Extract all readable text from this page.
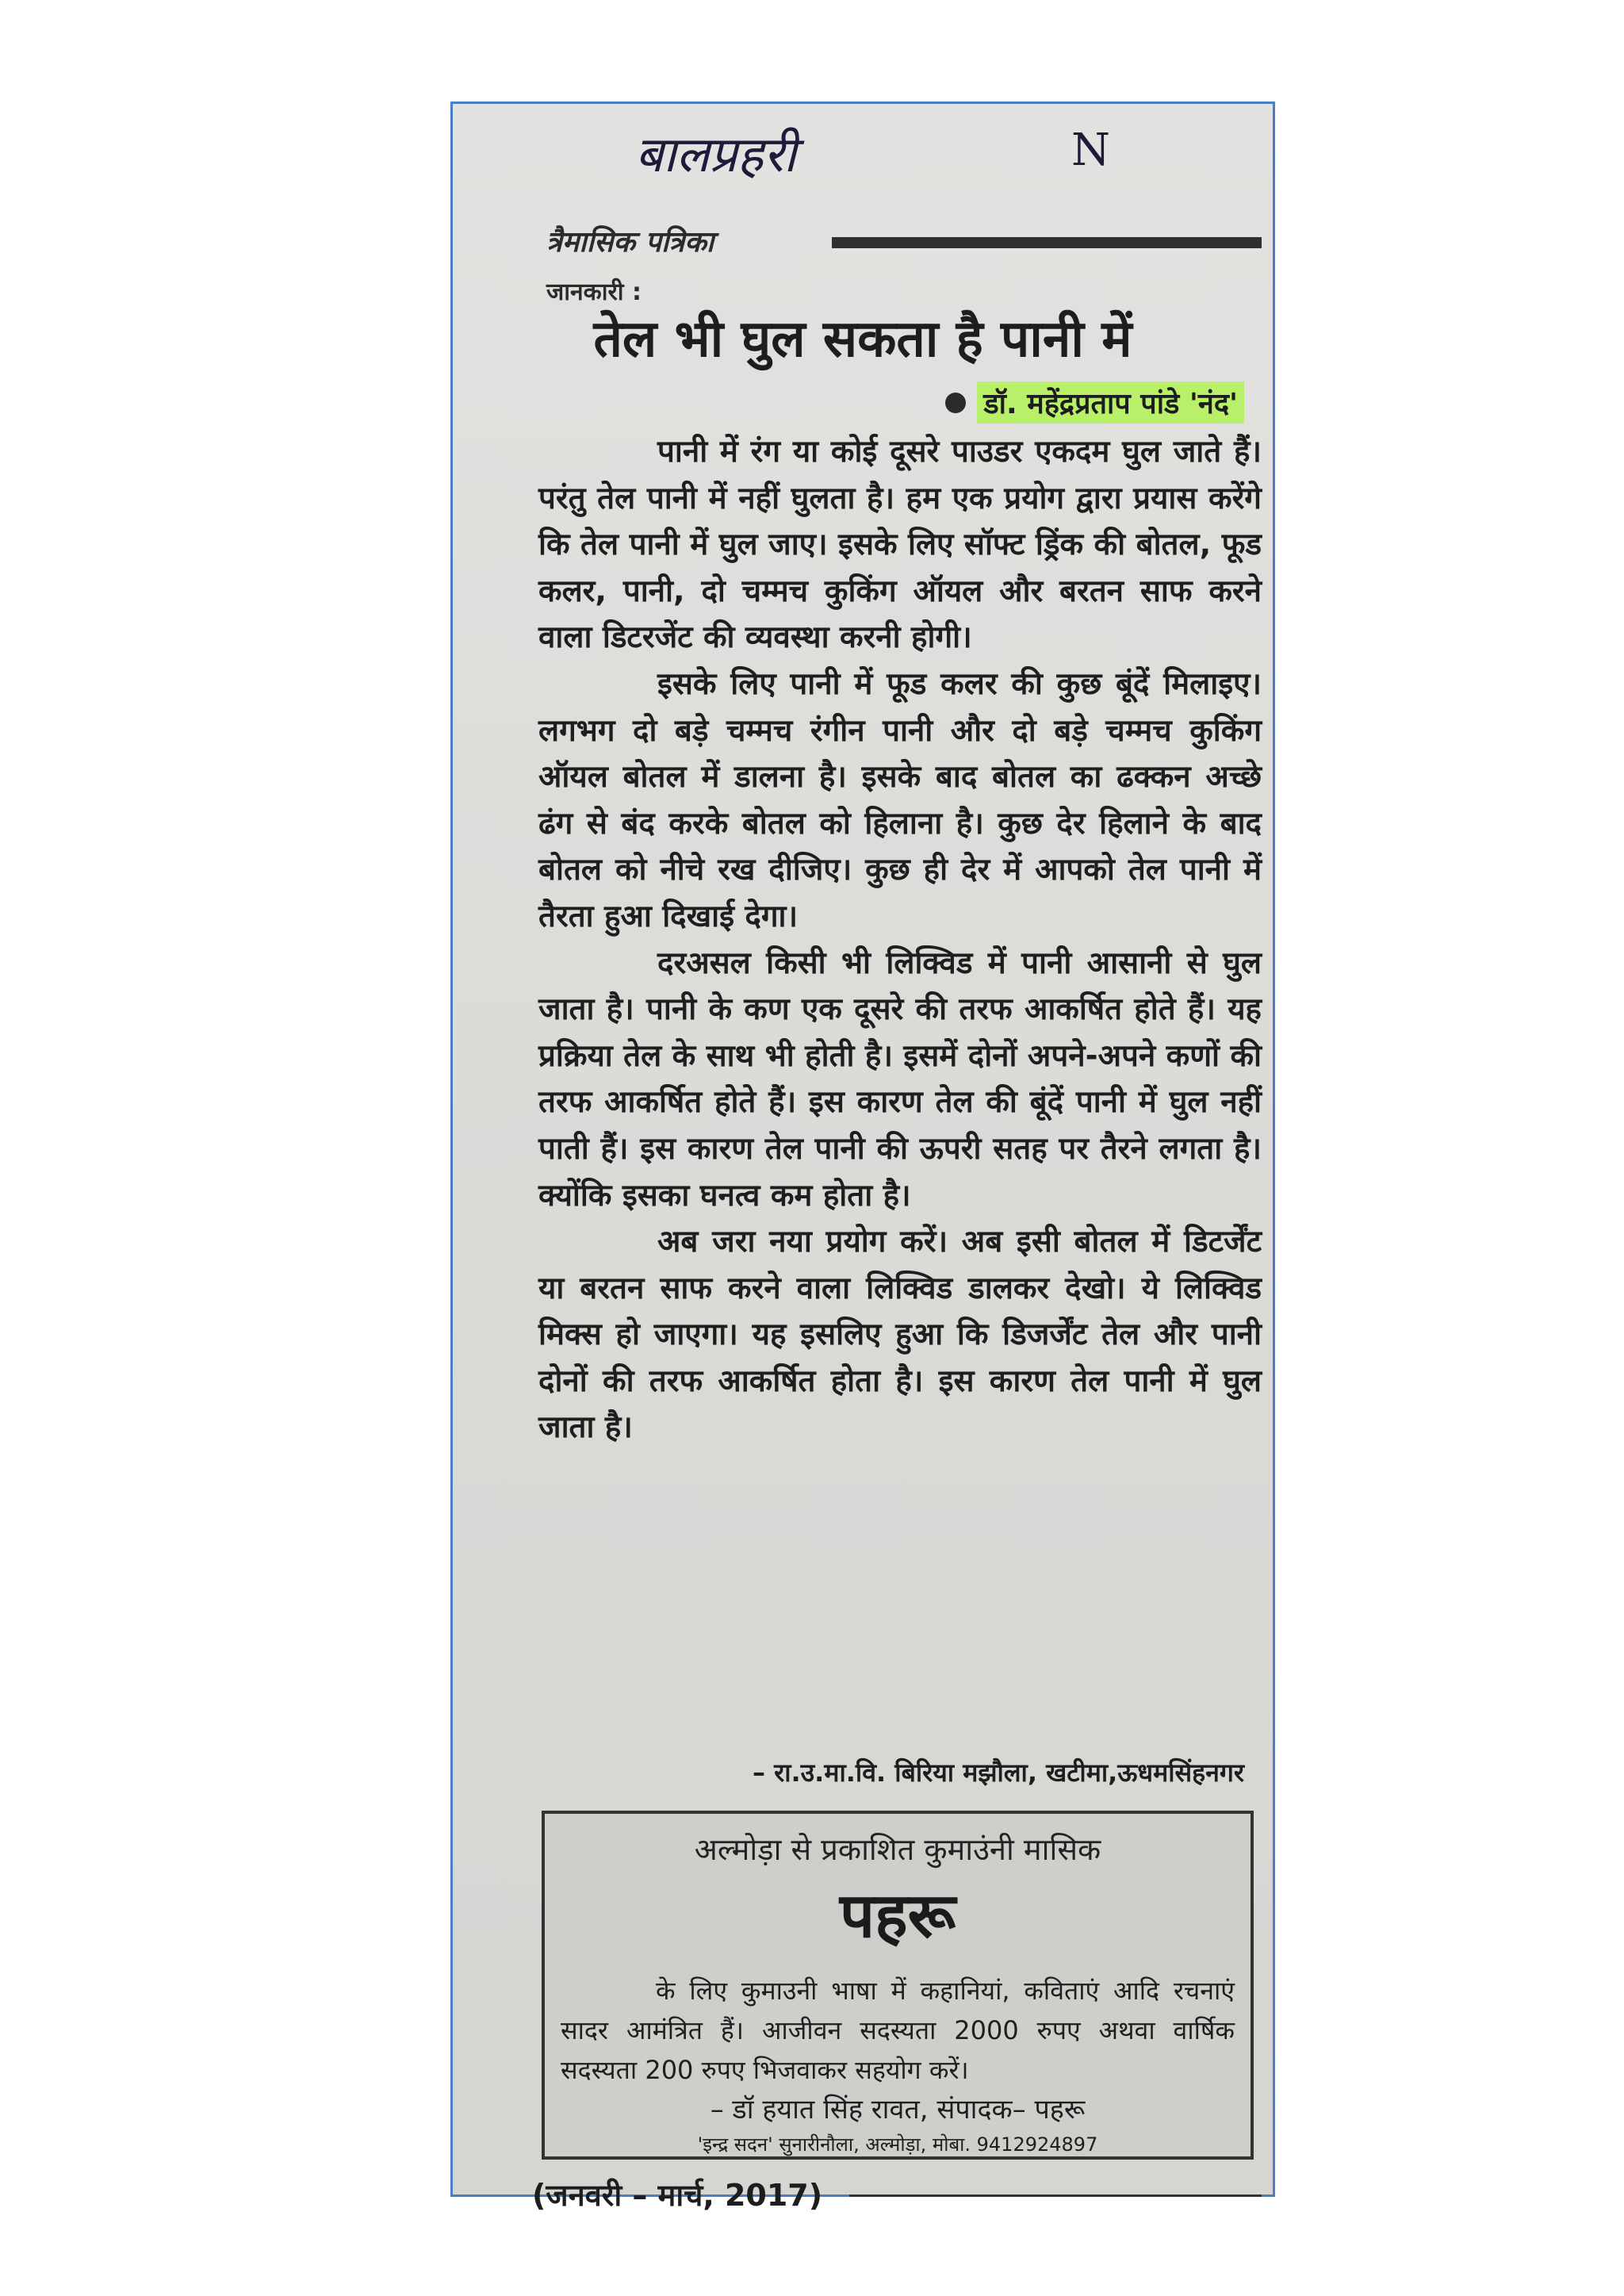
बालप्रहरी	N
त्रैमासिक पत्रिका
जानकारी :
तेल भी घुल सकता है पानी में
डॉ. महेंद्रप्रताप पांडे 'नंद'

पानी में रंग या कोई दूसरे पाउडर एकदम घुल जाते हैं। परंतु तेल पानी में नहीं घुलता है। हम एक प्रयोग द्वारा प्रयास करेंगे कि तेल पानी में घुल जाए। इसके लिए सॉफ्ट ड्रिंक की बोतल, फूड कलर, पानी, दो चम्मच कुकिंग ऑयल और बरतन साफ करने वाला डिटरजेंट की व्यवस्था करनी होगी।

इसके लिए पानी में फूड कलर की कुछ बूंदें मिलाइए। लगभग दो बड़े चम्मच रंगीन पानी और दो बड़े चम्मच कुकिंग ऑयल बोतल में डालना है। इसके बाद बोतल का ढक्कन अच्छे ढंग से बंद करके बोतल को हिलाना है। कुछ देर हिलाने के बाद बोतल को नीचे रख दीजिए। कुछ ही देर में आपको तेल पानी में तैरता हुआ दिखाई देगा।

दरअसल किसी भी लिक्विड में पानी आसानी से घुल जाता है। पानी के कण एक दूसरे की तरफ आकर्षित होते हैं। यह प्रक्रिया तेल के साथ भी होती है। इसमें दोनों अपने-अपने कणों की तरफ आकर्षित होते हैं। इस कारण तेल की बूंदें पानी में घुल नहीं पाती हैं। इस कारण तेल पानी की ऊपरी सतह पर तैरने लगता है। क्योंकि इसका घनत्व कम होता है।

अब जरा नया प्रयोग करें। अब इसी बोतल में डिटर्जेंट या बरतन साफ करने वाला लिक्विड डालकर देखो। ये लिक्विड मिक्स हो जाएगा। यह इसलिए हुआ कि डिजर्जेंट तेल और पानी दोनों की तरफ आकर्षित होता है। इस कारण तेल पानी में घुल जाता है।

– रा.उ.मा.वि. बिरिया मझौला, खटीमा,ऊधमसिंहनगर
अल्मोड़ा से प्रकाशित कुमाउंनी मासिक
पहरू
के लिए कुमाउनी भाषा में कहानियां, कविताएं आदि रचनाएं सादर आमंत्रित हैं। आजीवन सदस्यता 2000 रुपए अथवा वार्षिक सदस्यता 200 रुपए भिजवाकर सहयोग करें।
– डॉ हयात सिंह रावत, संपादक– पहरू
'इन्द्र सदन' सुनारीनौला, अल्मोड़ा, मोबा. 9412924897
(जनवरी – मार्च, 2017)
